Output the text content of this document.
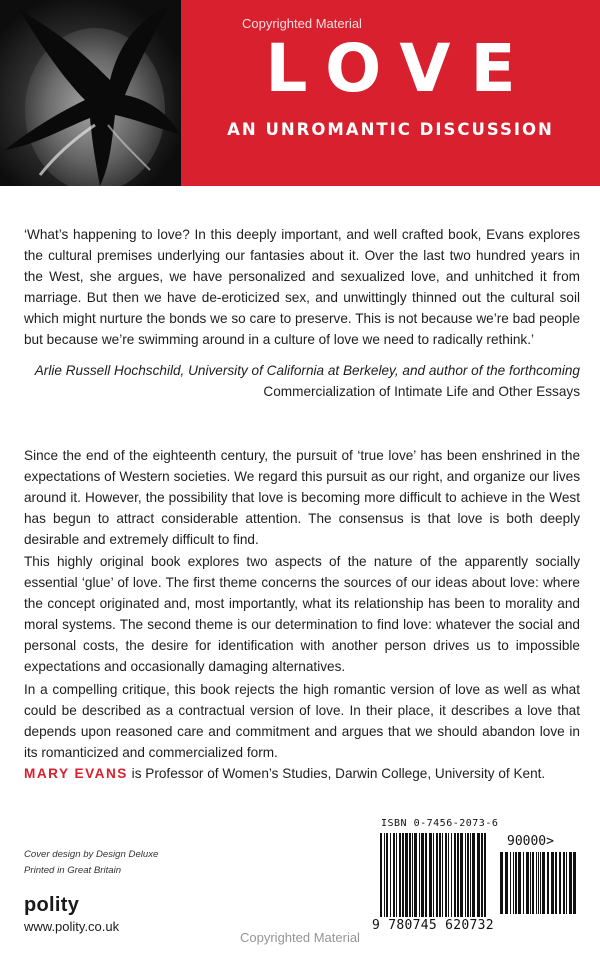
LOVE
AN UNROMANTIC DISCUSSION
Copyrighted Material

‘What’s happening to love? In this deeply important, and well crafted book, Evans explores the cultural premises underlying our fantasies about it. Over the last two hundred years in the West, she argues, we have personalized and sexualized love, and unhitched it from marriage. But then we have de-eroticized sex, and unwittingly thinned out the cultural soil which might nurture the bonds we so care to preserve. This is not because we’re bad people but because we’re swimming around in a culture of love we need to radically rethink.’

Arlie Russell Hochschild, University of California at Berkeley, and author of the forthcoming
Commercialization of Intimate Life and Other Essays

Since the end of the eighteenth century, the pursuit of ‘true love’ has been enshrined in the expectations of Western societies. We regard this pursuit as our right, and organize our lives around it. However, the possibility that love is becoming more difficult to achieve in the West has begun to attract considerable attention. The consensus is that love is both deeply desirable and extremely difficult to find.

This highly original book explores two aspects of the nature of the apparently socially essential ‘glue’ of love. The first theme concerns the sources of our ideas about love: where the concept originated and, most importantly, what its relationship has been to morality and moral systems. The second theme is our determination to find love: whatever the social and personal costs, the desire for identification with another person drives us to impossible expectations and occasionally damaging alternatives.

In a compelling critique, this book rejects the high romantic version of love as well as what could be described as a contractual version of love. In their place, it describes a love that depends upon reasoned care and commitment and argues that we should abandon love in its romanticized and commercialized form.

MARY EVANS is Professor of Women’s Studies, Darwin College, University of Kent.
Cover design by Design Deluxe
Printed in Great Britain
polity
www.polity.co.uk
ISBN 0-7456-2073-6
90000>
9 780745 620732
Copyrighted Material
